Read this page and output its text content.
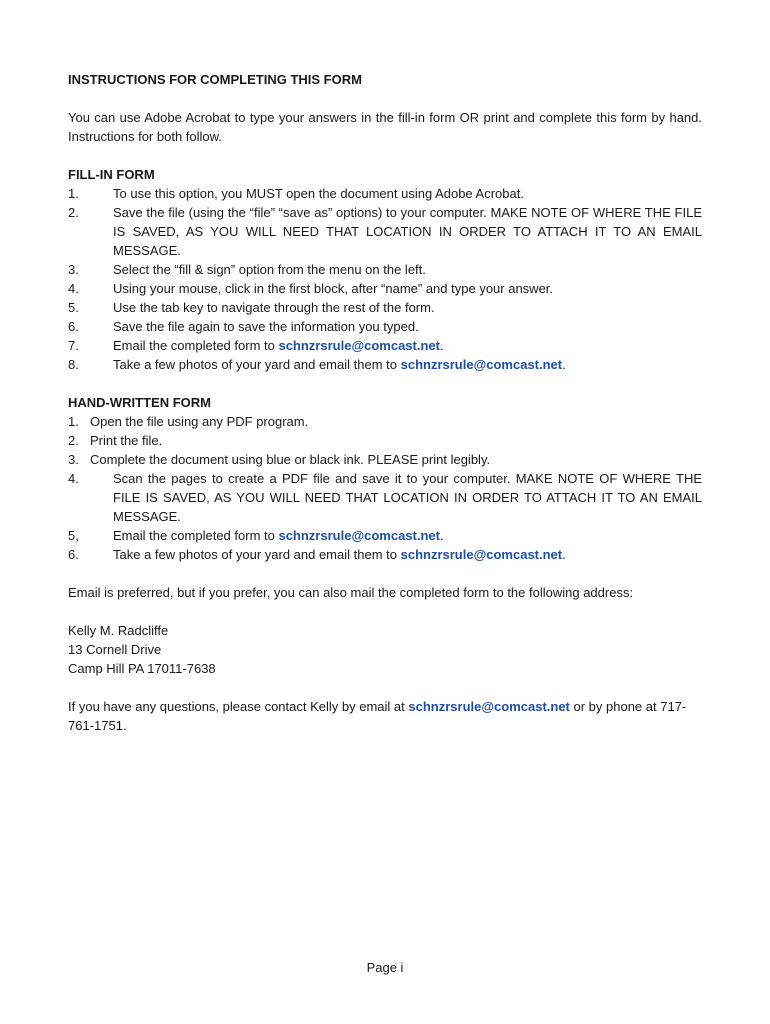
INSTRUCTIONS FOR COMPLETING THIS FORM

You can use Adobe Acrobat to type your answers in the fill-in form OR print and complete this form by hand. Instructions for both follow.

FILL-IN FORM

1.	To use this option, you MUST open the document using Adobe Acrobat.
2.	Save the file (using the “file” “save as” options) to your computer. MAKE NOTE OF WHERE THE FILE IS SAVED, AS YOU WILL NEED THAT LOCATION IN ORDER TO ATTACH IT TO AN EMAIL MESSAGE.
3.	Select the “fill & sign” option from the menu on the left.
4.	Using your mouse, click in the first block, after “name” and type your answer.
5.	Use the tab key to navigate through the rest of the form.
6.	Save the file again to save the information you typed.
7.	Email the completed form to schnzrsrule@comcast.net.
8.	Take a few photos of your yard and email them to schnzrsrule@comcast.net.

HAND-WRITTEN FORM

1. Open the file using any PDF program.
2. Print the file.
3. Complete the document using blue or black ink. PLEASE print legibly.
4.	Scan the pages to create a PDF file and save it to your computer. MAKE NOTE OF WHERE THE FILE IS SAVED, AS YOU WILL NEED THAT LOCATION IN ORDER TO ATTACH IT TO AN EMAIL MESSAGE.
5,	Email the completed form to schnzrsrule@comcast.net.
6.	Take a few photos of your yard and email them to schnzrsrule@comcast.net.

Email is preferred, but if you prefer, you can also mail the completed form to the following address:

Kelly M. Radcliffe
13 Cornell Drive
Camp Hill PA 17011-7638

If you have any questions, please contact Kelly by email at schnzrsrule@comcast.net or by phone at 717-761-1751.

Page i
